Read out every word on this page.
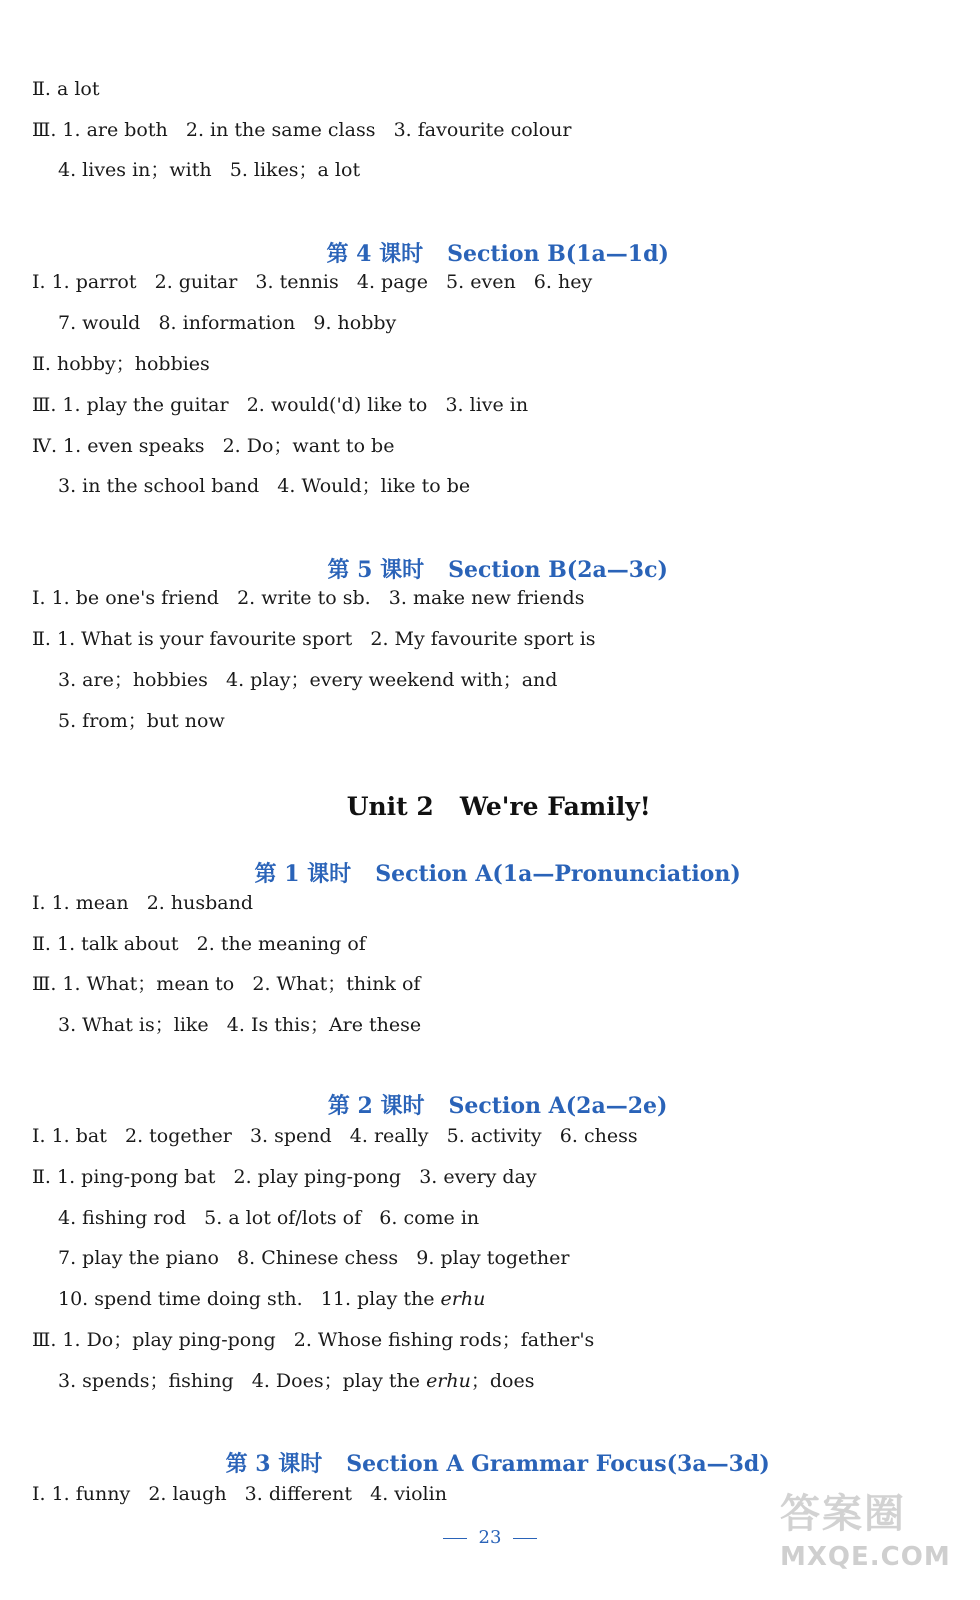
Ⅱ. a lot
Ⅲ. 1. are both   2. in the same class   3. favourite colour
4. lives in；with   5. likes；a lot

第 4 课时 Section B(1a—1d)

Ⅰ. 1. parrot   2. guitar   3. tennis   4. page   5. even   6. hey
7. would   8. information   9. hobby
Ⅱ. hobby；hobbies
Ⅲ. 1. play the guitar   2. would('d) like to   3. live in
Ⅳ. 1. even speaks   2. Do；want to be
3. in the school band   4. Would；like to be

第 5 课时 Section B(2a—3c)

Ⅰ. 1. be one's friend   2. write to sb.   3. make new friends
Ⅱ. 1. What is your favourite sport   2. My favourite sport is
3. are；hobbies   4. play；every weekend with；and
5. from；but now

Unit 2 We're Family!

第 1 课时 Section A(1a—Pronunciation)

Ⅰ. 1. mean   2. husband
Ⅱ. 1. talk about   2. the meaning of
Ⅲ. 1. What；mean to   2. What；think of
3. What is；like   4. Is this；Are these

第 2 课时 Section A(2a—2e)

Ⅰ. 1. bat   2. together   3. spend   4. really   5. activity   6. chess
Ⅱ. 1. ping-pong bat   2. play ping-pong   3. every day
4. fishing rod   5. a lot of/lots of   6. come in
7. play the piano   8. Chinese chess   9. play together
10. spend time doing sth.   11. play the erhu
Ⅲ. 1. Do；play ping-pong   2. Whose fishing rods；father's
3. spends；fishing   4. Does；play the erhu；does

第 3 课时 Section A Grammar Focus(3a—3d)

Ⅰ. 1. funny   2. laugh   3. different   4. violin
23
答案圈
MXQE.COM
